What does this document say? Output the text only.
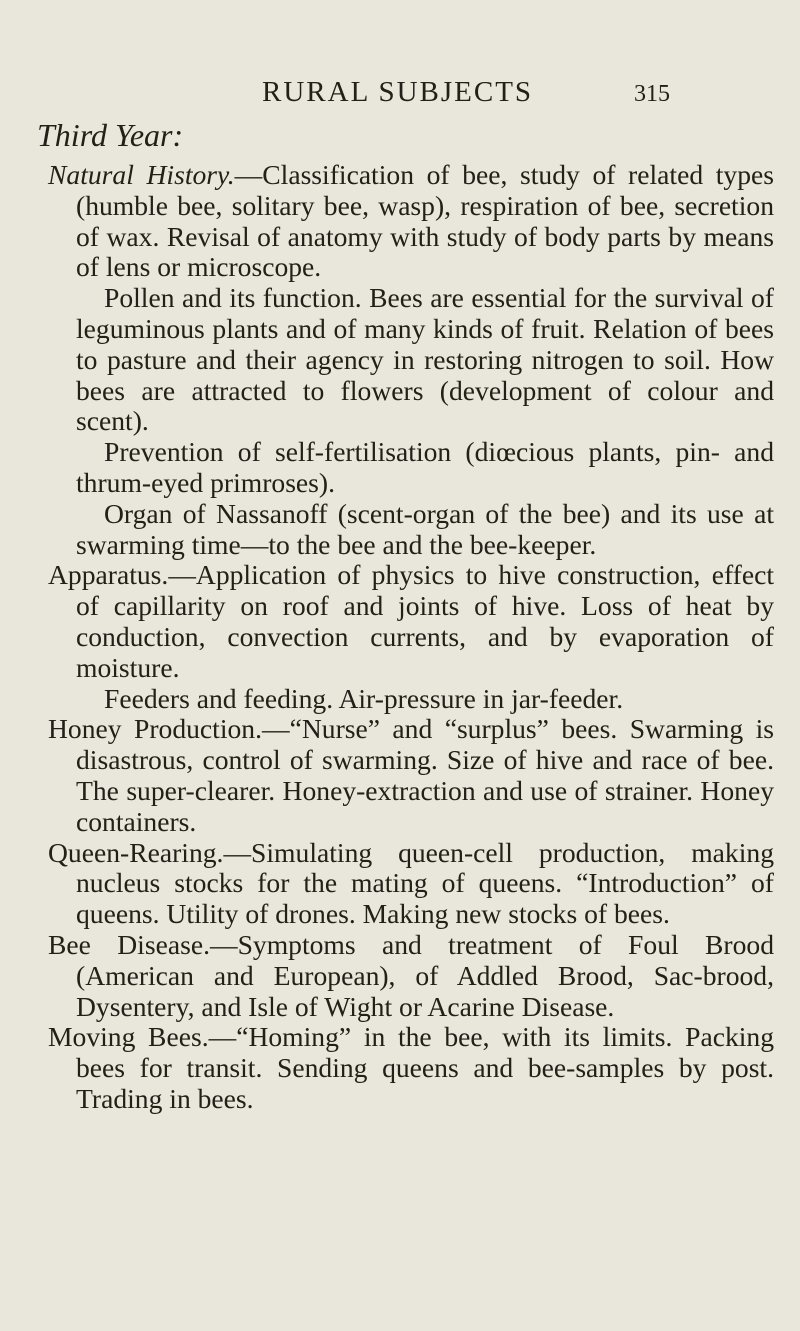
RURAL SUBJECTS	315
Third Year:

Natural History.—Classification of bee, study of related types (humble bee, solitary bee, wasp), respiration of bee, secretion of wax. Revisal of anatomy with study of body parts by means of lens or microscope.

Pollen and its function. Bees are essential for the survival of leguminous plants and of many kinds of fruit. Relation of bees to pasture and their agency in restoring nitrogen to soil. How bees are attracted to flowers (development of colour and scent).

Prevention of self-fertilisation (diœcious plants, pin- and thrum-eyed primroses).

Organ of Nassanoff (scent-organ of the bee) and its use at swarming time—to the bee and the bee-keeper.

Apparatus.—Application of physics to hive construction, effect of capillarity on roof and joints of hive. Loss of heat by conduction, convection currents, and by evaporation of moisture.

Feeders and feeding. Air-pressure in jar-feeder.

Honey Production.—“Nurse” and “surplus” bees. Swarming is disastrous, control of swarming. Size of hive and race of bee. The super-clearer. Honey-extraction and use of strainer. Honey containers.

Queen-Rearing.—Simulating queen-cell production, making nucleus stocks for the mating of queens. “Introduction” of queens. Utility of drones. Making new stocks of bees.

Bee Disease.—Symptoms and treatment of Foul Brood (American and European), of Addled Brood, Sac-brood, Dysentery, and Isle of Wight or Acarine Disease.

Moving Bees.—“Homing” in the bee, with its limits. Packing bees for transit. Sending queens and bee-samples by post. Trading in bees.
